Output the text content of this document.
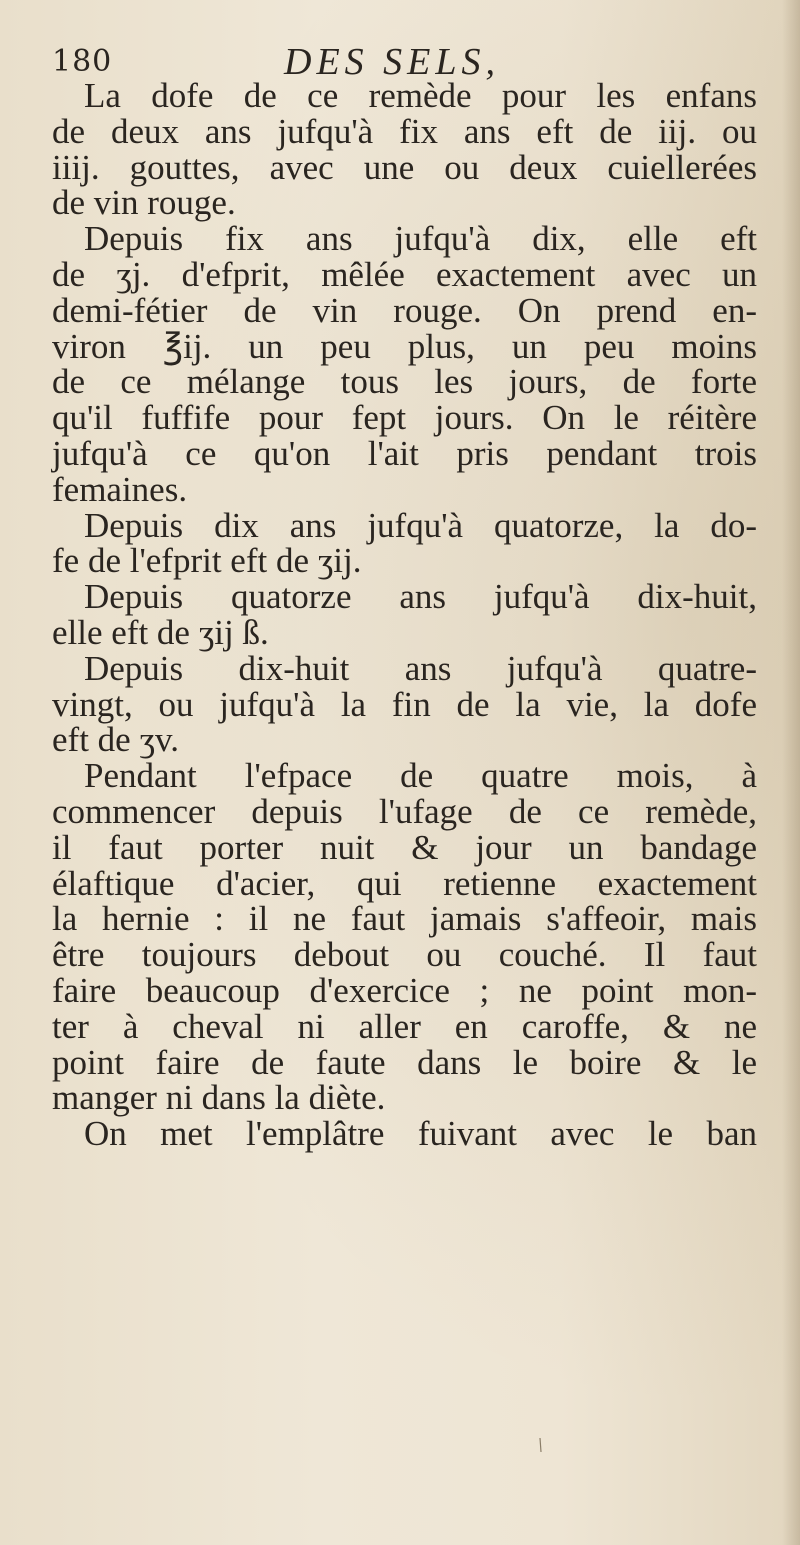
180	DES SELS,
La dofe de ce remède pour les enfans
de deux ans jufqu'à fix ans eft de iij. ou
iiij. gouttes, avec une ou deux cuiellerées
de vin rouge.
Depuis fix ans jufqu'à dix, elle eft
de ʒj. d'efprit, mêlée exactement avec un
demi-fétier de vin rouge. On prend en-
viron ℥ij. un peu plus, un peu moins
de ce mélange tous les jours, de forte
qu'il fuffife pour fept jours. On le réitère
jufqu'à ce qu'on l'ait pris pendant trois
femaines.
Depuis dix ans jufqu'à quatorze, la do-
fe de l'efprit eft de ʒij.
Depuis quatorze ans jufqu'à dix-huit,
elle eft de ʒij ß.
Depuis dix-huit ans jufqu'à quatre-
vingt, ou jufqu'à la fin de la vie, la dofe
eft de ʒv.
Pendant l'efpace de quatre mois, à
commencer depuis l'ufage de ce remède,
il faut porter nuit & jour un bandage
élaftique d'acier, qui retienne exactement
la hernie : il ne faut jamais s'affeoir, mais
être toujours debout ou couché. Il faut
faire beaucoup d'exercice ; ne point mon-
ter à cheval ni aller en caroffe, & ne
point faire de faute dans le boire & le
manger ni dans la diète.
On met l'emplâtre fuivant avec le ban
